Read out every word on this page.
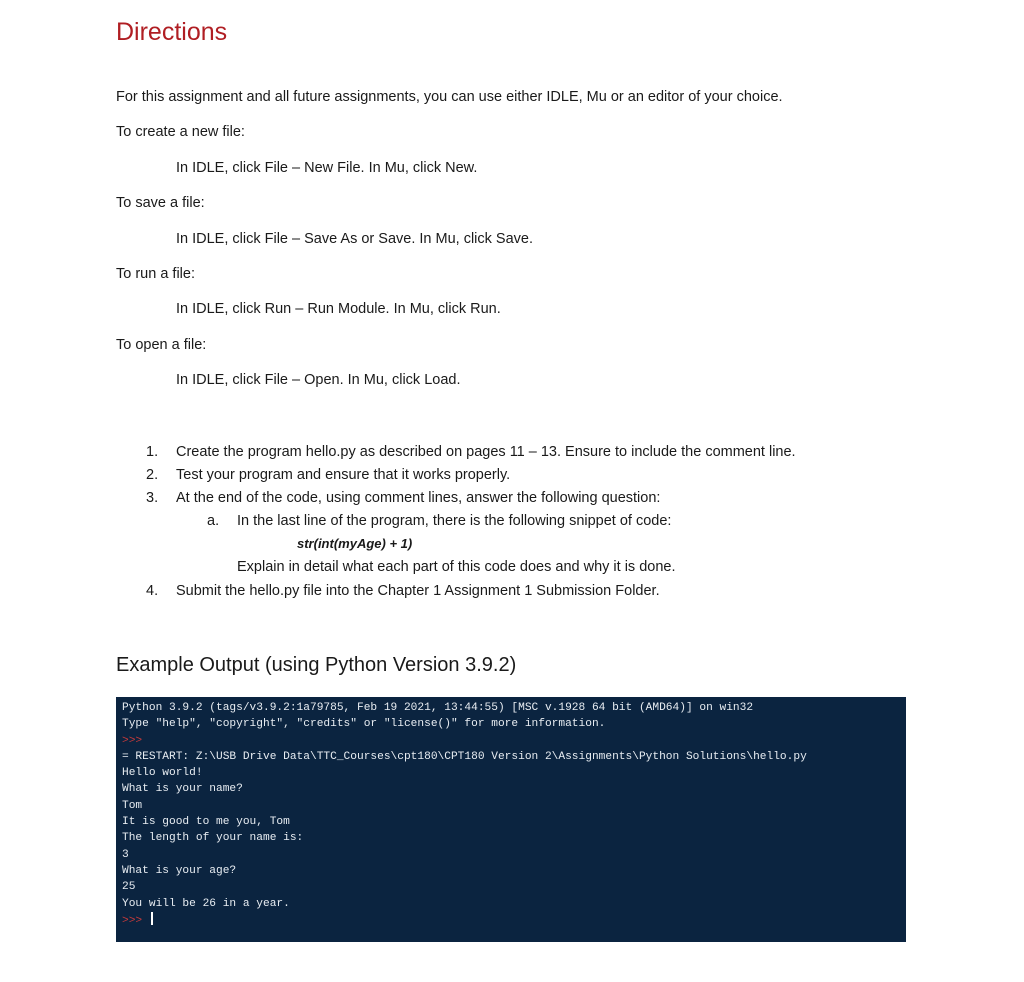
Directions

For this assignment and all future assignments, you can use either IDLE, Mu or an editor of your choice.

To create a new file:

In IDLE, click File – New File. In Mu, click New.

To save a file:

In IDLE, click File – Save As or Save. In Mu, click Save.

To run a file:

In IDLE, click Run – Run Module. In Mu, click Run.

To open a file:

In IDLE, click File – Open. In Mu, click Load.

1.	Create the program hello.py as described on pages 11 – 13. Ensure to include the comment line.
2.	Test your program and ensure that it works properly.
3.	At the end of the code, using comment lines, answer the following question:
4.	Submit the hello.py file into the Chapter 1 Assignment 1 Submission Folder.
a. In the last line of the program, there is the following snippet of code:
str(int(myAge) + 1)
Explain in detail what each part of this code does and why it is done.
Example Output (using Python Version 3.9.2)
Python 3.9.2 (tags/v3.9.2:1a79785, Feb 19 2021, 13:44:55) [MSC v.1928 64 bit (AMD64)] on win32
Type "help", "copyright", "credits" or "license()" for more information.
>>>
= RESTART: Z:\USB Drive Data\TTC_Courses\cpt180\CPT180 Version 2\Assignments\Python Solutions\hello.py
Hello world!
What is your name?
Tom
It is good to me you, Tom
The length of your name is:
3
What is your age?
25
You will be 26 in a year.
>>>
